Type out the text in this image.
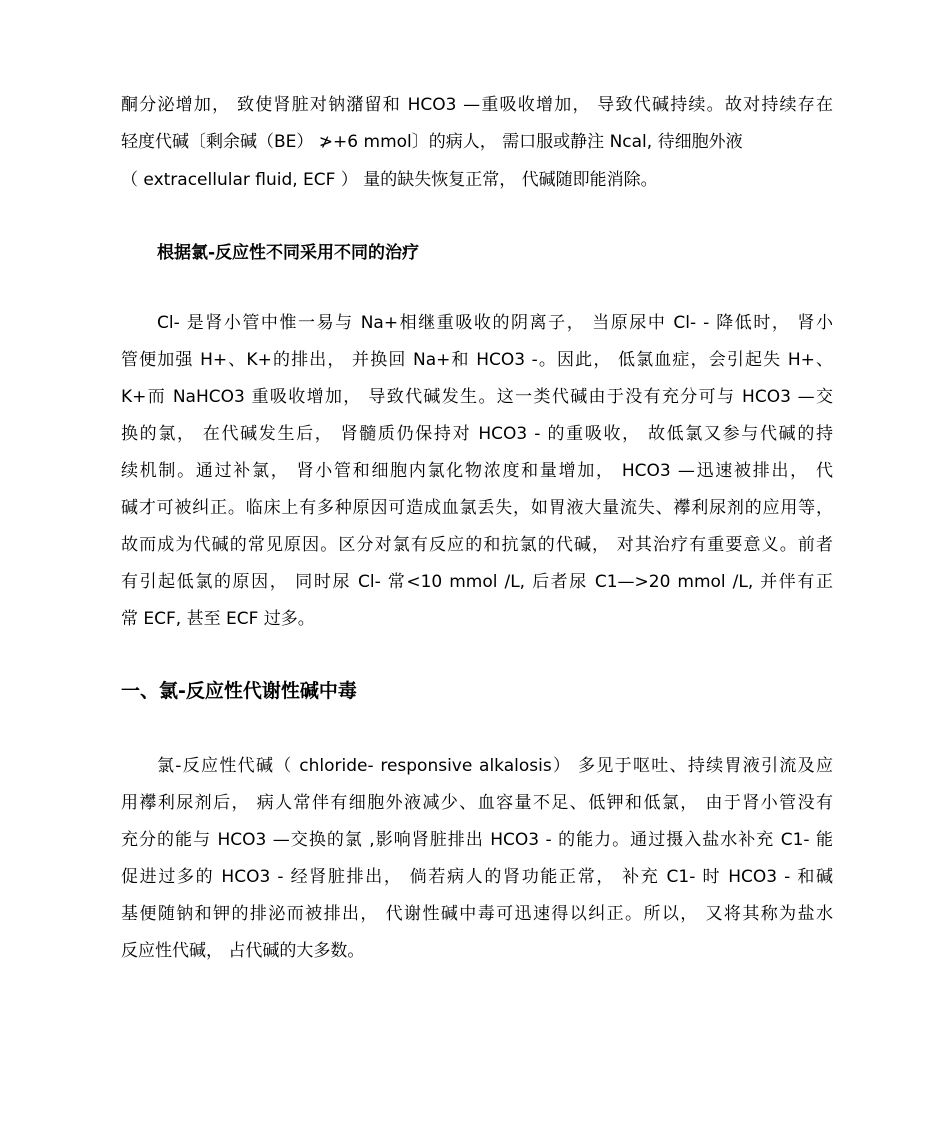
酮分泌增加， 致使肾脏对钠潴留和 HCO3 —重吸收增加， 导致代碱持续。故对持续存在
轻度代碱〔剩余碱（BE） ≯+6 mmol〕的病人， 需口服或静注 Ncal, 待细胞外液
（ extracellular fluid, ECF ） 量的缺失恢复正常， 代碱随即能消除。
根据氯-反应性不同采用不同的治疗
Cl- 是肾小管中惟一易与 Na+相继重吸收的阴离子， 当原尿中 Cl- - 降低时， 肾小
管便加强 H+、K+的排出， 并换回 Na+和 HCO3 -。因此， 低氯血症，会引起失 H+、
K+而 NaHCO3 重吸收增加， 导致代碱发生。这一类代碱由于没有充分可与 HCO3 —交
换的氯， 在代碱发生后， 肾髓质仍保持对 HCO3 - 的重吸收， 故低氯又参与代碱的持
续机制。通过补氯， 肾小管和细胞内氯化物浓度和量增加， HCO3 —迅速被排出， 代
碱才可被纠正。临床上有多种原因可造成血氯丢失，如胃液大量流失、襻利尿剂的应用等，
故而成为代碱的常见原因。区分对氯有反应的和抗氯的代碱， 对其治疗有重要意义。前者
有引起低氯的原因， 同时尿 Cl- 常<10 mmol /L, 后者尿 C1—>20 mmol /L, 并伴有正
常 ECF, 甚至 ECF 过多。
一、氯-反应性代谢性碱中毒
氯-反应性代碱（ chloride- responsive alkalosis） 多见于呕吐、持续胃液引流及应
用襻利尿剂后， 病人常伴有细胞外液减少、血容量不足、低钾和低氯， 由于肾小管没有
充分的能与 HCO3 —交换的氯 ,影响肾脏排出 HCO3 - 的能力。通过摄入盐水补充 C1- 能
促进过多的 HCO3 - 经肾脏排出， 倘若病人的肾功能正常， 补充 C1- 时 HCO3 - 和碱
基便随钠和钾的排泌而被排出， 代谢性碱中毒可迅速得以纠正。所以， 又将其称为盐水
反应性代碱， 占代碱的大多数。
